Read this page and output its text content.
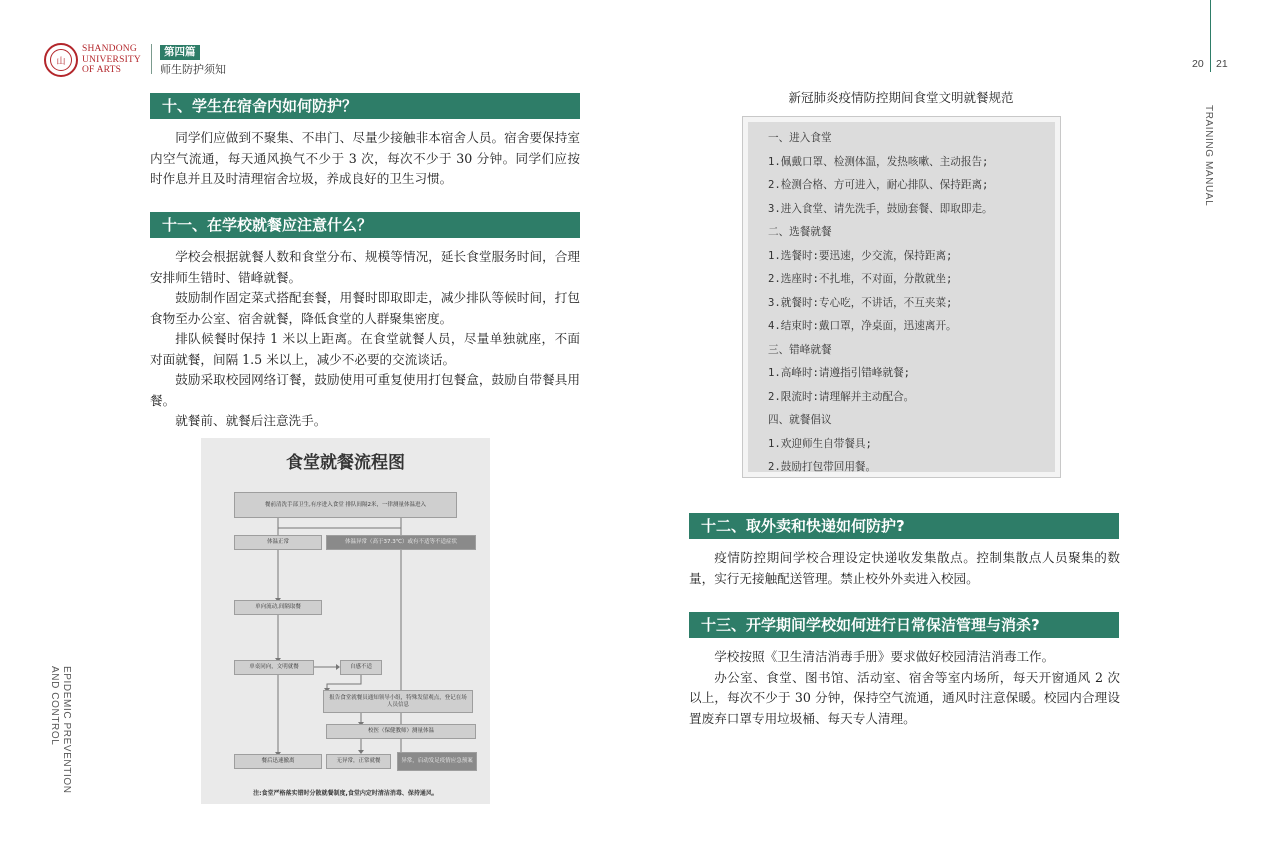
山
SHANDONG
UNIVERSITY
OF ARTS
第四篇
师生防护须知	20 21
TRAINING MANUAL
EPIDEMIC PREVENTION
AND CONTROL
十、学生在宿舍内如何防护？

同学们应做到不聚集、不串门、尽量少接触非本宿舍人员。宿舍要保持室内空气流通，每天通风换气不少于 3 次，每次不少于 30 分钟。同学们应按时作息并且及时清理宿舍垃圾，养成良好的卫生习惯。

十一、在学校就餐应注意什么？

学校会根据就餐人数和食堂分布、规模等情况，延长食堂服务时间，合理安排师生错时、错峰就餐。

鼓励制作固定菜式搭配套餐，用餐时即取即走，减少排队等候时间，打包食物至办公室、宿舍就餐，降低食堂的人群聚集密度。

排队候餐时保持 1 米以上距离。在食堂就餐人员，尽量单独就座，不面对面就餐，间隔 1.5 米以上，减少不必要的交流谈话。

鼓励采取校园网络订餐，鼓励使用可重复使用打包餐盒，鼓励自带餐具用餐。

就餐前、就餐后注意洗手。

食堂就餐流程图
餐前清洗手部卫生,有序进入食堂 排队间隔2米，一律测量体温进入
体温正常	体温异常（高于37.3℃）或有不适等不适症状
单向流动,间隔取餐
单桌同向，文明就餐	自感不适
报告食堂就餐员通知领导小组，特殊发留观点，登记在场人员信息
校医（保健教师）测量体温
餐后迅速撤离	无异常，正常就餐	异常，启动发足疫情应急预案
注:食堂严格落实错时分散就餐制度,食堂内定时清洁消毒、保持通风。
新冠肺炎疫情防控期间食堂文明就餐规范
一、进入食堂
1.佩戴口罩、检测体温，发热咳嗽、主动报告;
2.检测合格、方可进入，耐心排队、保持距离;
3.进入食堂、请先洗手，鼓励套餐、即取即走。
二、选餐就餐
1.选餐时:要迅速，少交流，保持距离;
2.选座时:不扎堆，不对面，分散就坐;
3.就餐时:专心吃，不讲话，不互夹菜;
4.结束时:戴口罩，净桌面，迅速离开。
三、错峰就餐
1.高峰时:请遵指引错峰就餐;
2.限流时:请理解并主动配合。
四、就餐倡议
1.欢迎师生自带餐具;
2.鼓励打包带回用餐。
十二、取外卖和快递如何防护?

疫情防控期间学校合理设定快递收发集散点。控制集散点人员聚集的数量，实行无接触配送管理。禁止校外外卖进入校园。

十三、开学期间学校如何进行日常保洁管理与消杀?

学校按照《卫生清洁消毒手册》要求做好校园清洁消毒工作。

办公室、食堂、图书馆、活动室、宿舍等室内场所，每天开窗通风 2 次以上，每次不少于 30 分钟，保持空气流通，通风时注意保暖。校园内合理设置废弃口罩专用垃圾桶、每天专人清理。
